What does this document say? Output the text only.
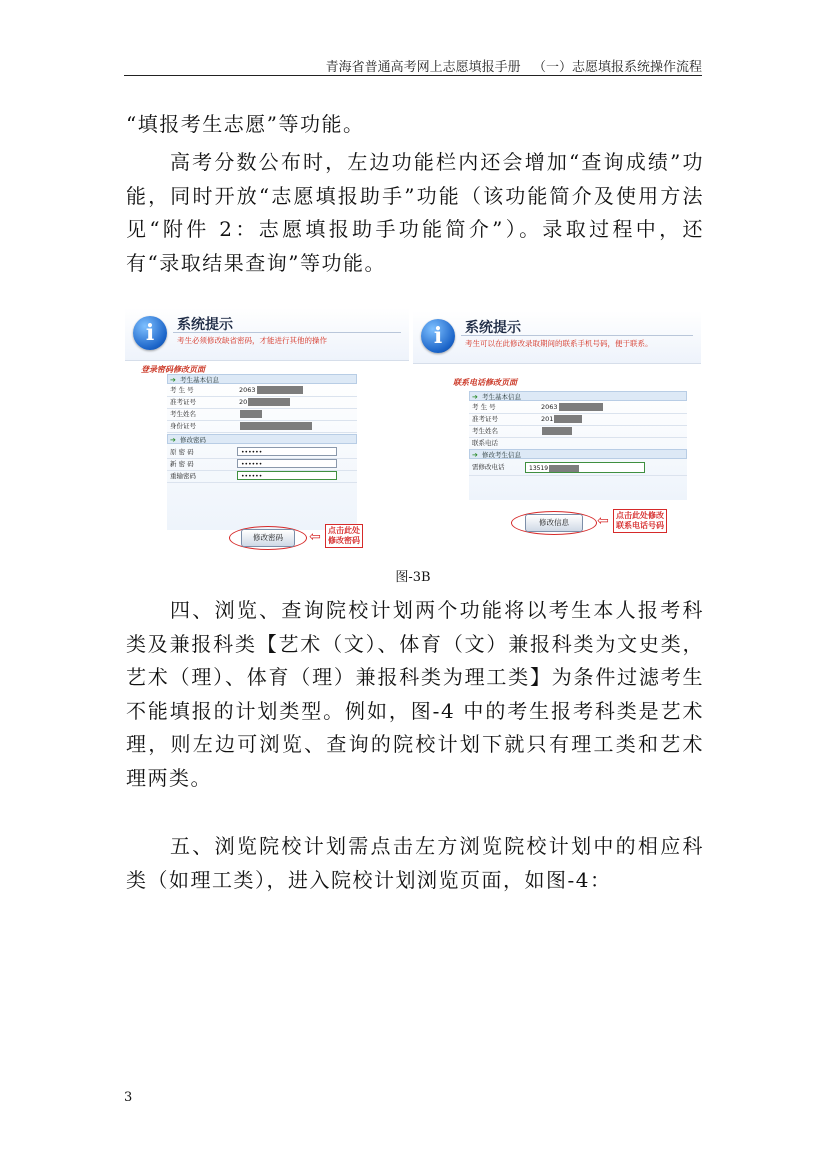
青海省普通高考网上志愿填报手册 （一）志愿填报系统操作流程

“填报考生志愿”等功能。

高考分数公布时，左边功能栏内还会增加“查询成绩”功能，同时开放“志愿填报助手”功能（该功能简介及使用方法见“附件 2：志愿填报助手功能简介”）。录取过程中，还有“录取结果查询”等功能。

i	系统提示
考生必须修改缺省密码，才能进行其他的操作
登录密码修改页面
➔ 考生基本信息
考 生 号	2063
准考证号	20
考生姓名
身份证号
➔ 修改密码
原 密 码	••••••
新 密 码	••••••
重输密码	••••••
修改密码	⇦ 点击此处
修改密码
i	系统提示
考生可以在此修改录取期间的联系手机号码，便于联系。
联系电话修改页面
➔ 考生基本信息
考 生 号	2063
准考证号	201
考生姓名
联系电话
➔ 修改考生信息
需修改电话	13519
修改信息	⇦ 点击此处修改
联系电话号码
图-3B

四、浏览、查询院校计划两个功能将以考生本人报考科类及兼报科类【艺术（文）、体育（文）兼报科类为文史类，艺术（理）、体育（理）兼报科类为理工类】为条件过滤考生不能填报的计划类型。例如，图-4 中的考生报考科类是艺术理，则左边可浏览、查询的院校计划下就只有理工类和艺术理两类。

五、浏览院校计划需点击左方浏览院校计划中的相应科类（如理工类），进入院校计划浏览页面，如图-4：

3
